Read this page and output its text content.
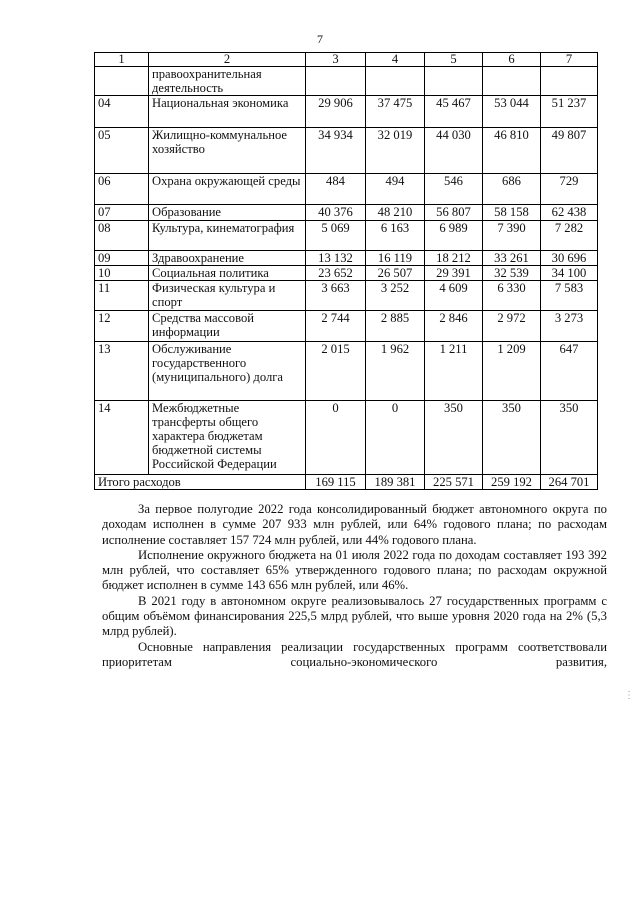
7
1	2	3	4	5	6	7
	правоохранительная деятельность					
04	Национальная экономика	29 906	37 475	45 467	53 044	51 237
05	Жилищно-коммунальное хозяйство	34 934	32 019	44 030	46 810	49 807
06	Охрана окружающей среды	484	494	546	686	729
07	Образование	40 376	48 210	56 807	58 158	62 438
08	Культура, кинематография	5 069	6 163	6 989	7 390	7 282
09	Здравоохранение	13 132	16 119	18 212	33 261	30 696
10	Социальная политика	23 652	26 507	29 391	32 539	34 100
11	Физическая культура и спорт	3 663	3 252	4 609	6 330	7 583
12	Средства массовой информации	2 744	2 885	2 846	2 972	3 273
13	Обслуживание государственного (муниципального) долга	2 015	1 962	1 211	1 209	647
14	Межбюджетные трансферты общего характера бюджетам бюджетной системы Российской Федерации	0	0	350	350	350
Итого расходов		169 115	189 381	225 571	259 192	264 701

За первое полугодие 2022 года консолидированный бюджет автономного округа по доходам исполнен в сумме 207 933 млн рублей, или 64% годового плана; по расходам исполнение составляет 157 724 млн рублей, или 44% годового плана.

Исполнение окружного бюджета на 01 июля 2022 года по доходам составляет 193 392 млн рублей, что составляет 65% утвержденного годового плана; по расходам окружной бюджет исполнен в сумме 143 656 млн рублей, или 46%.

В 2021 году в автономном округе реализовывалось 27 государственных программ с общим объёмом финансирования 225,5 млрд рублей, что выше уровня 2020 года на 2% (5,3 млрд рублей).

Основные направления реализации государственных программ соответствовали приоритетам социально-экономического развития,

⋮
